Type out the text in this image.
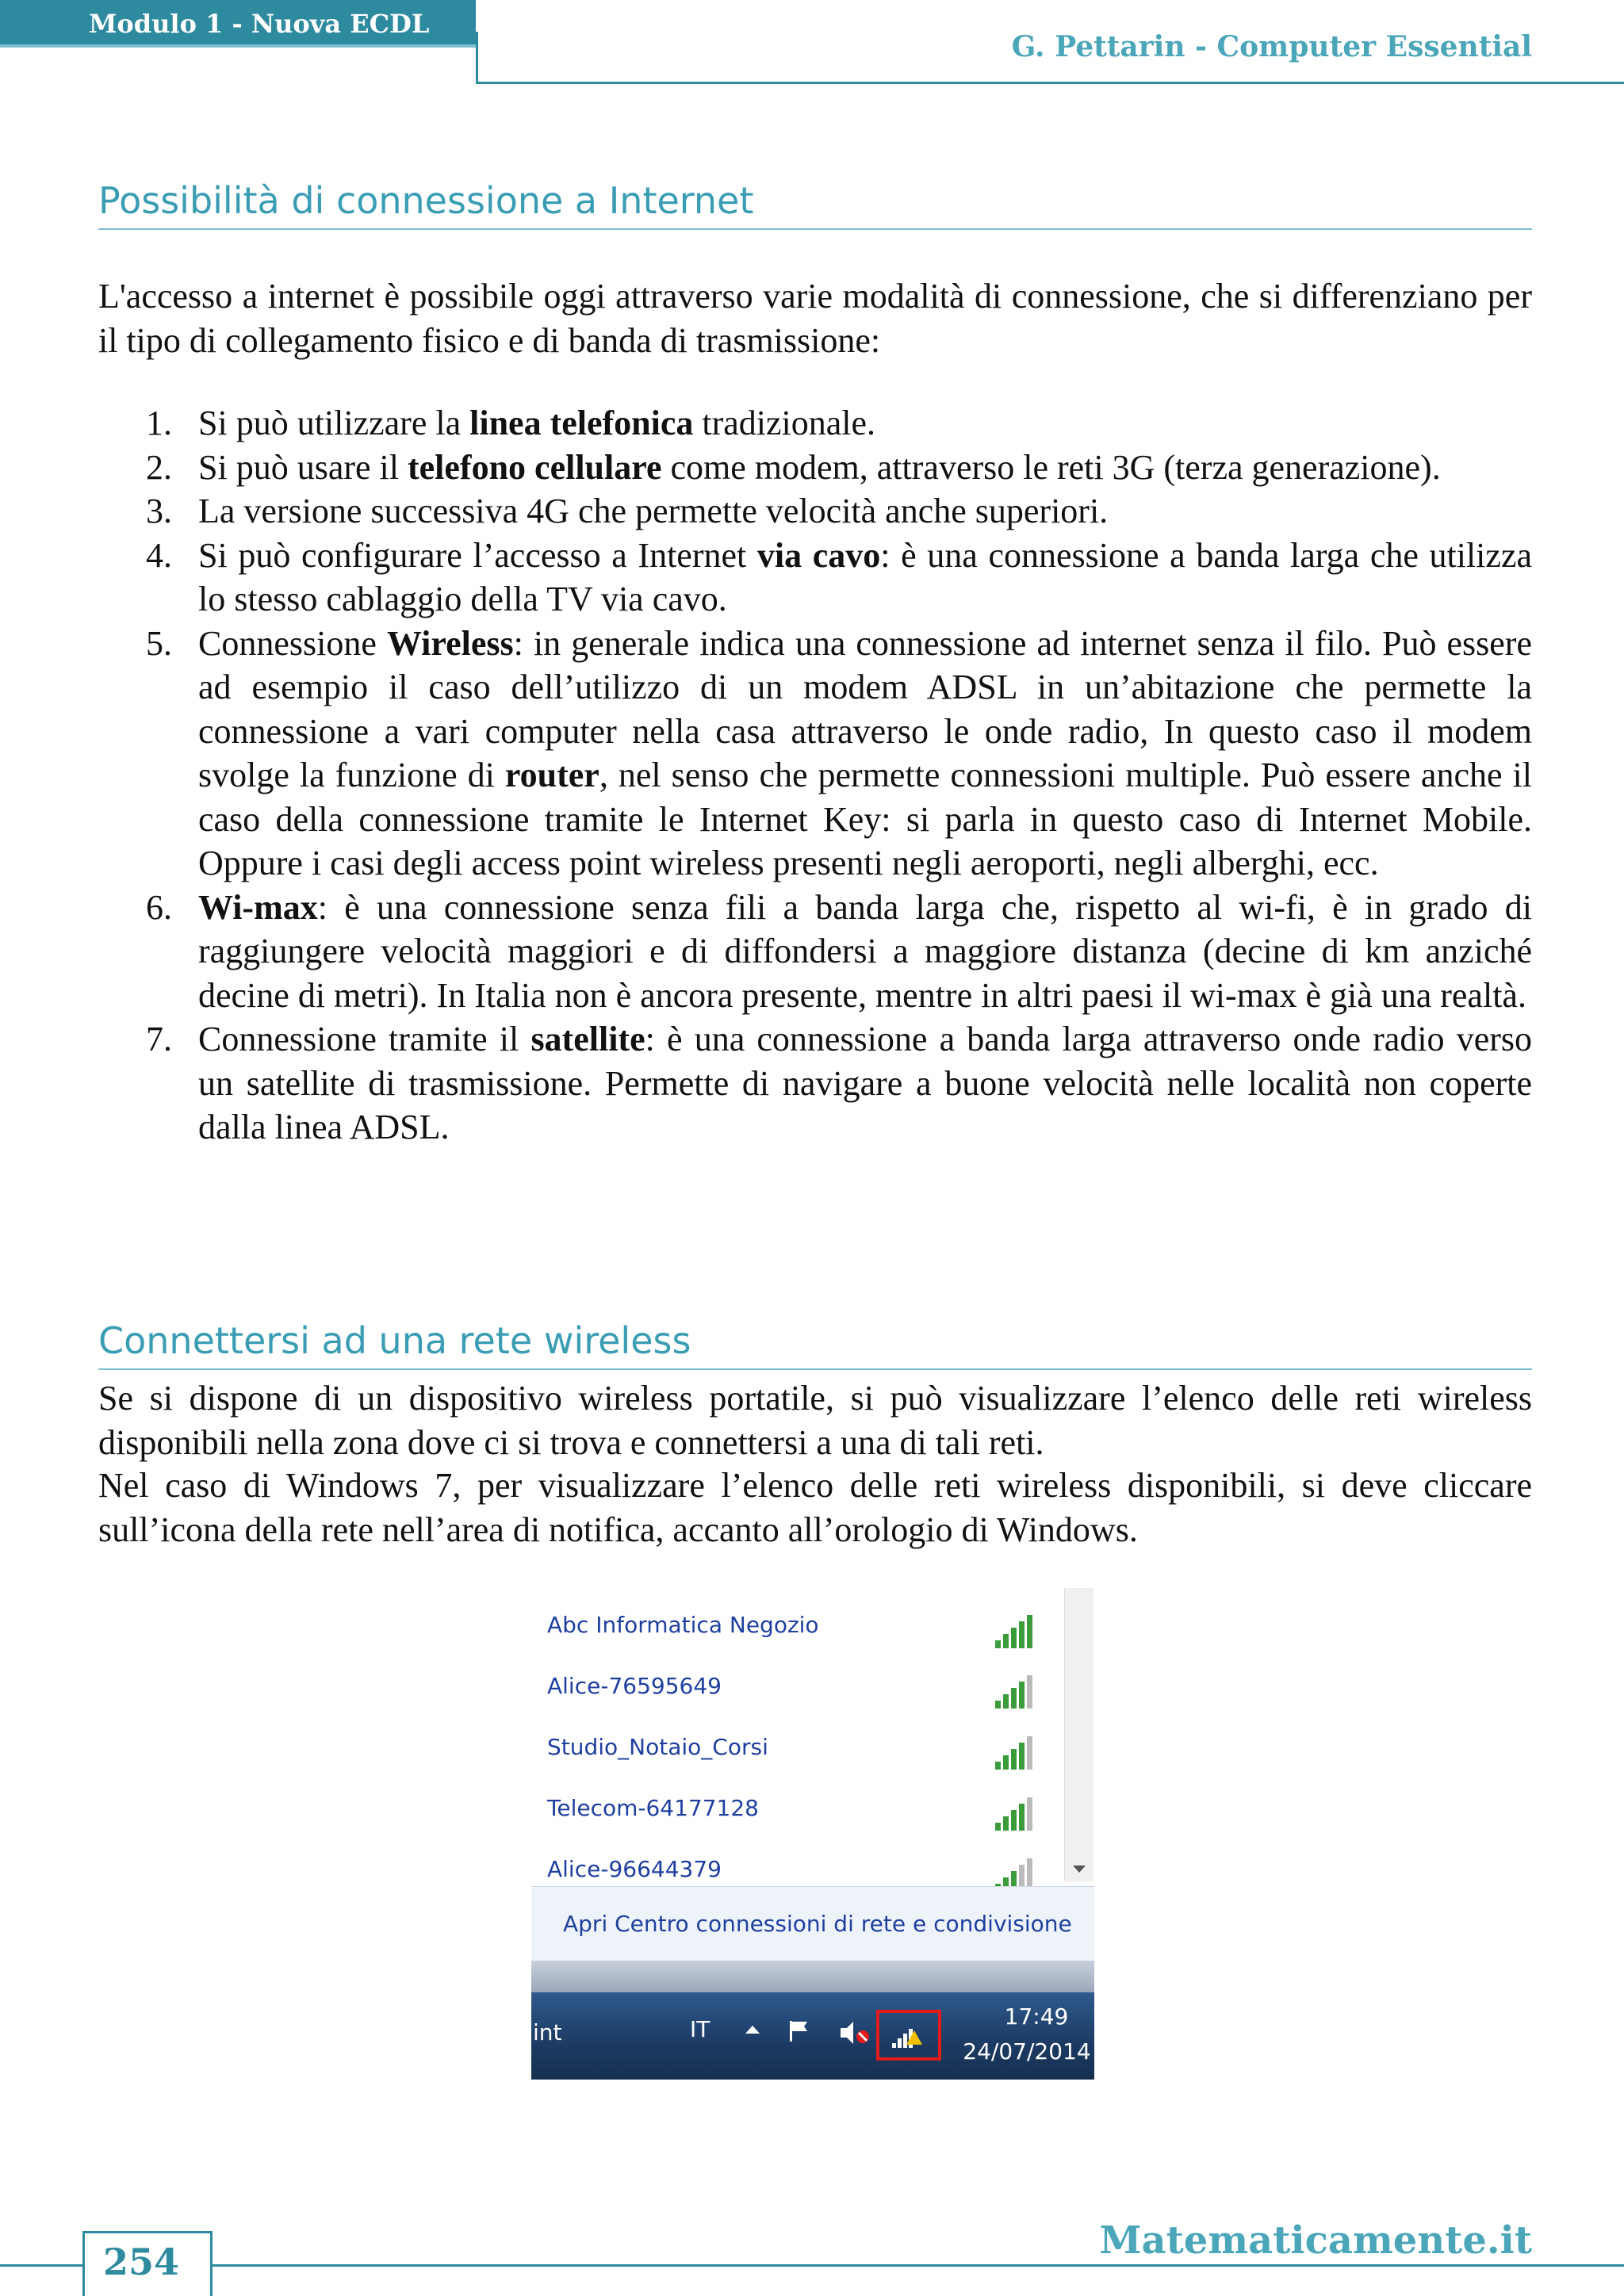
Modulo 1 - Nuova ECDL
G. Pettarin - Computer Essential
Possibilità di connessione a Internet
L'accesso a internet è possibile oggi attraverso varie modalità di connessione, che si differenziano per il tipo di collegamento fisico e di banda di trasmissione:
1. Si può utilizzare la linea telefonica tradizionale.
2. Si può usare il telefono cellulare come modem, attraverso le reti 3G (terza generazione).
3. La versione successiva 4G che permette velocità anche superiori.
4. Si può configurare l’accesso a Internet via cavo: è una connessione a banda larga che utilizza lo stesso cablaggio della TV via cavo.
5. Connessione Wireless: in generale indica una connessione ad internet senza il filo. Può essere ad esempio il caso dell’utilizzo di un modem ADSL in un’abitazione che permette la connessione a vari computer nella casa attraverso le onde radio, In questo caso il modem svolge la funzione di router, nel senso che permette connessioni multiple. Può essere anche il caso della connessione tramite le Internet Key: si parla in questo caso di Internet Mobile. Oppure i casi degli access point wireless presenti negli aeroporti, negli alberghi, ecc.
6. Wi-max: è una connessione senza fili a banda larga che, rispetto al wi-fi, è in grado di raggiungere velocità maggiori e di diffondersi a maggiore distanza (decine di km anziché decine di metri). In Italia non è ancora presente, mentre in altri paesi il wi-max è già una realtà.
7. Connessione tramite il satellite: è una connessione a banda larga attraverso onde radio verso un satellite di trasmissione. Permette di navigare a buone velocità nelle località non coperte dalla linea ADSL.
Connettersi ad una rete wireless
Se si dispone di un dispositivo wireless portatile, si può visualizzare l’elenco delle reti wireless disponibili nella zona dove ci si trova e connettersi a una di tali reti.
Nel caso di Windows 7, per visualizzare l’elenco delle reti wireless disponibili, si deve cliccare sull’icona della rete nell’area di notifica, accanto all’orologio di Windows.
Abc Informatica Negozio
Alice-76595649
Studio_Notaio_Corsi
Telecom-64177128
Alice-96644379
Apri Centro connessioni di rete e condivisione
int	IT	17:49
24/07/2014
Matematicamente.it
254
